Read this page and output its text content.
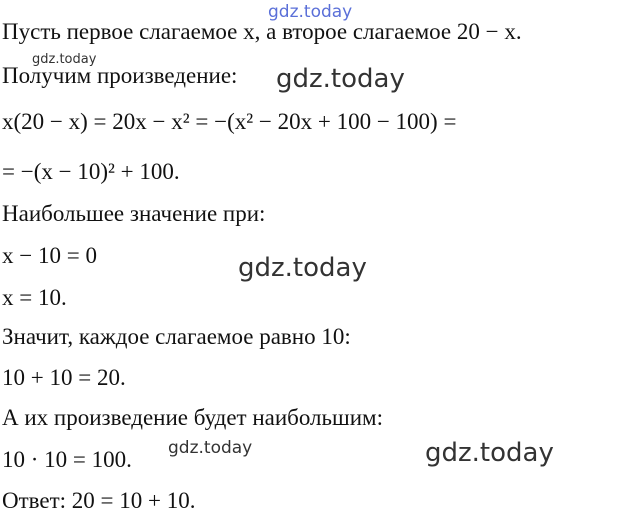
Пусть первое слагаемое x, а второе слагаемое 20 − x.
Получим произведение:
x(20 − x) = 20x − x² = −(x² − 20x + 100 − 100) =
= −(x − 10)² + 100.
Наибольшее значение при:
x − 10 = 0
x = 10.
Значит, каждое слагаемое равно 10:
10 + 10 = 20.
А их произведение будет наибольшим:
10 · 10 = 100.
Ответ: 20 = 10 + 10.
gdz.today
gdz.today
gdz.today
gdz.today
gdz.today	gdz.today
